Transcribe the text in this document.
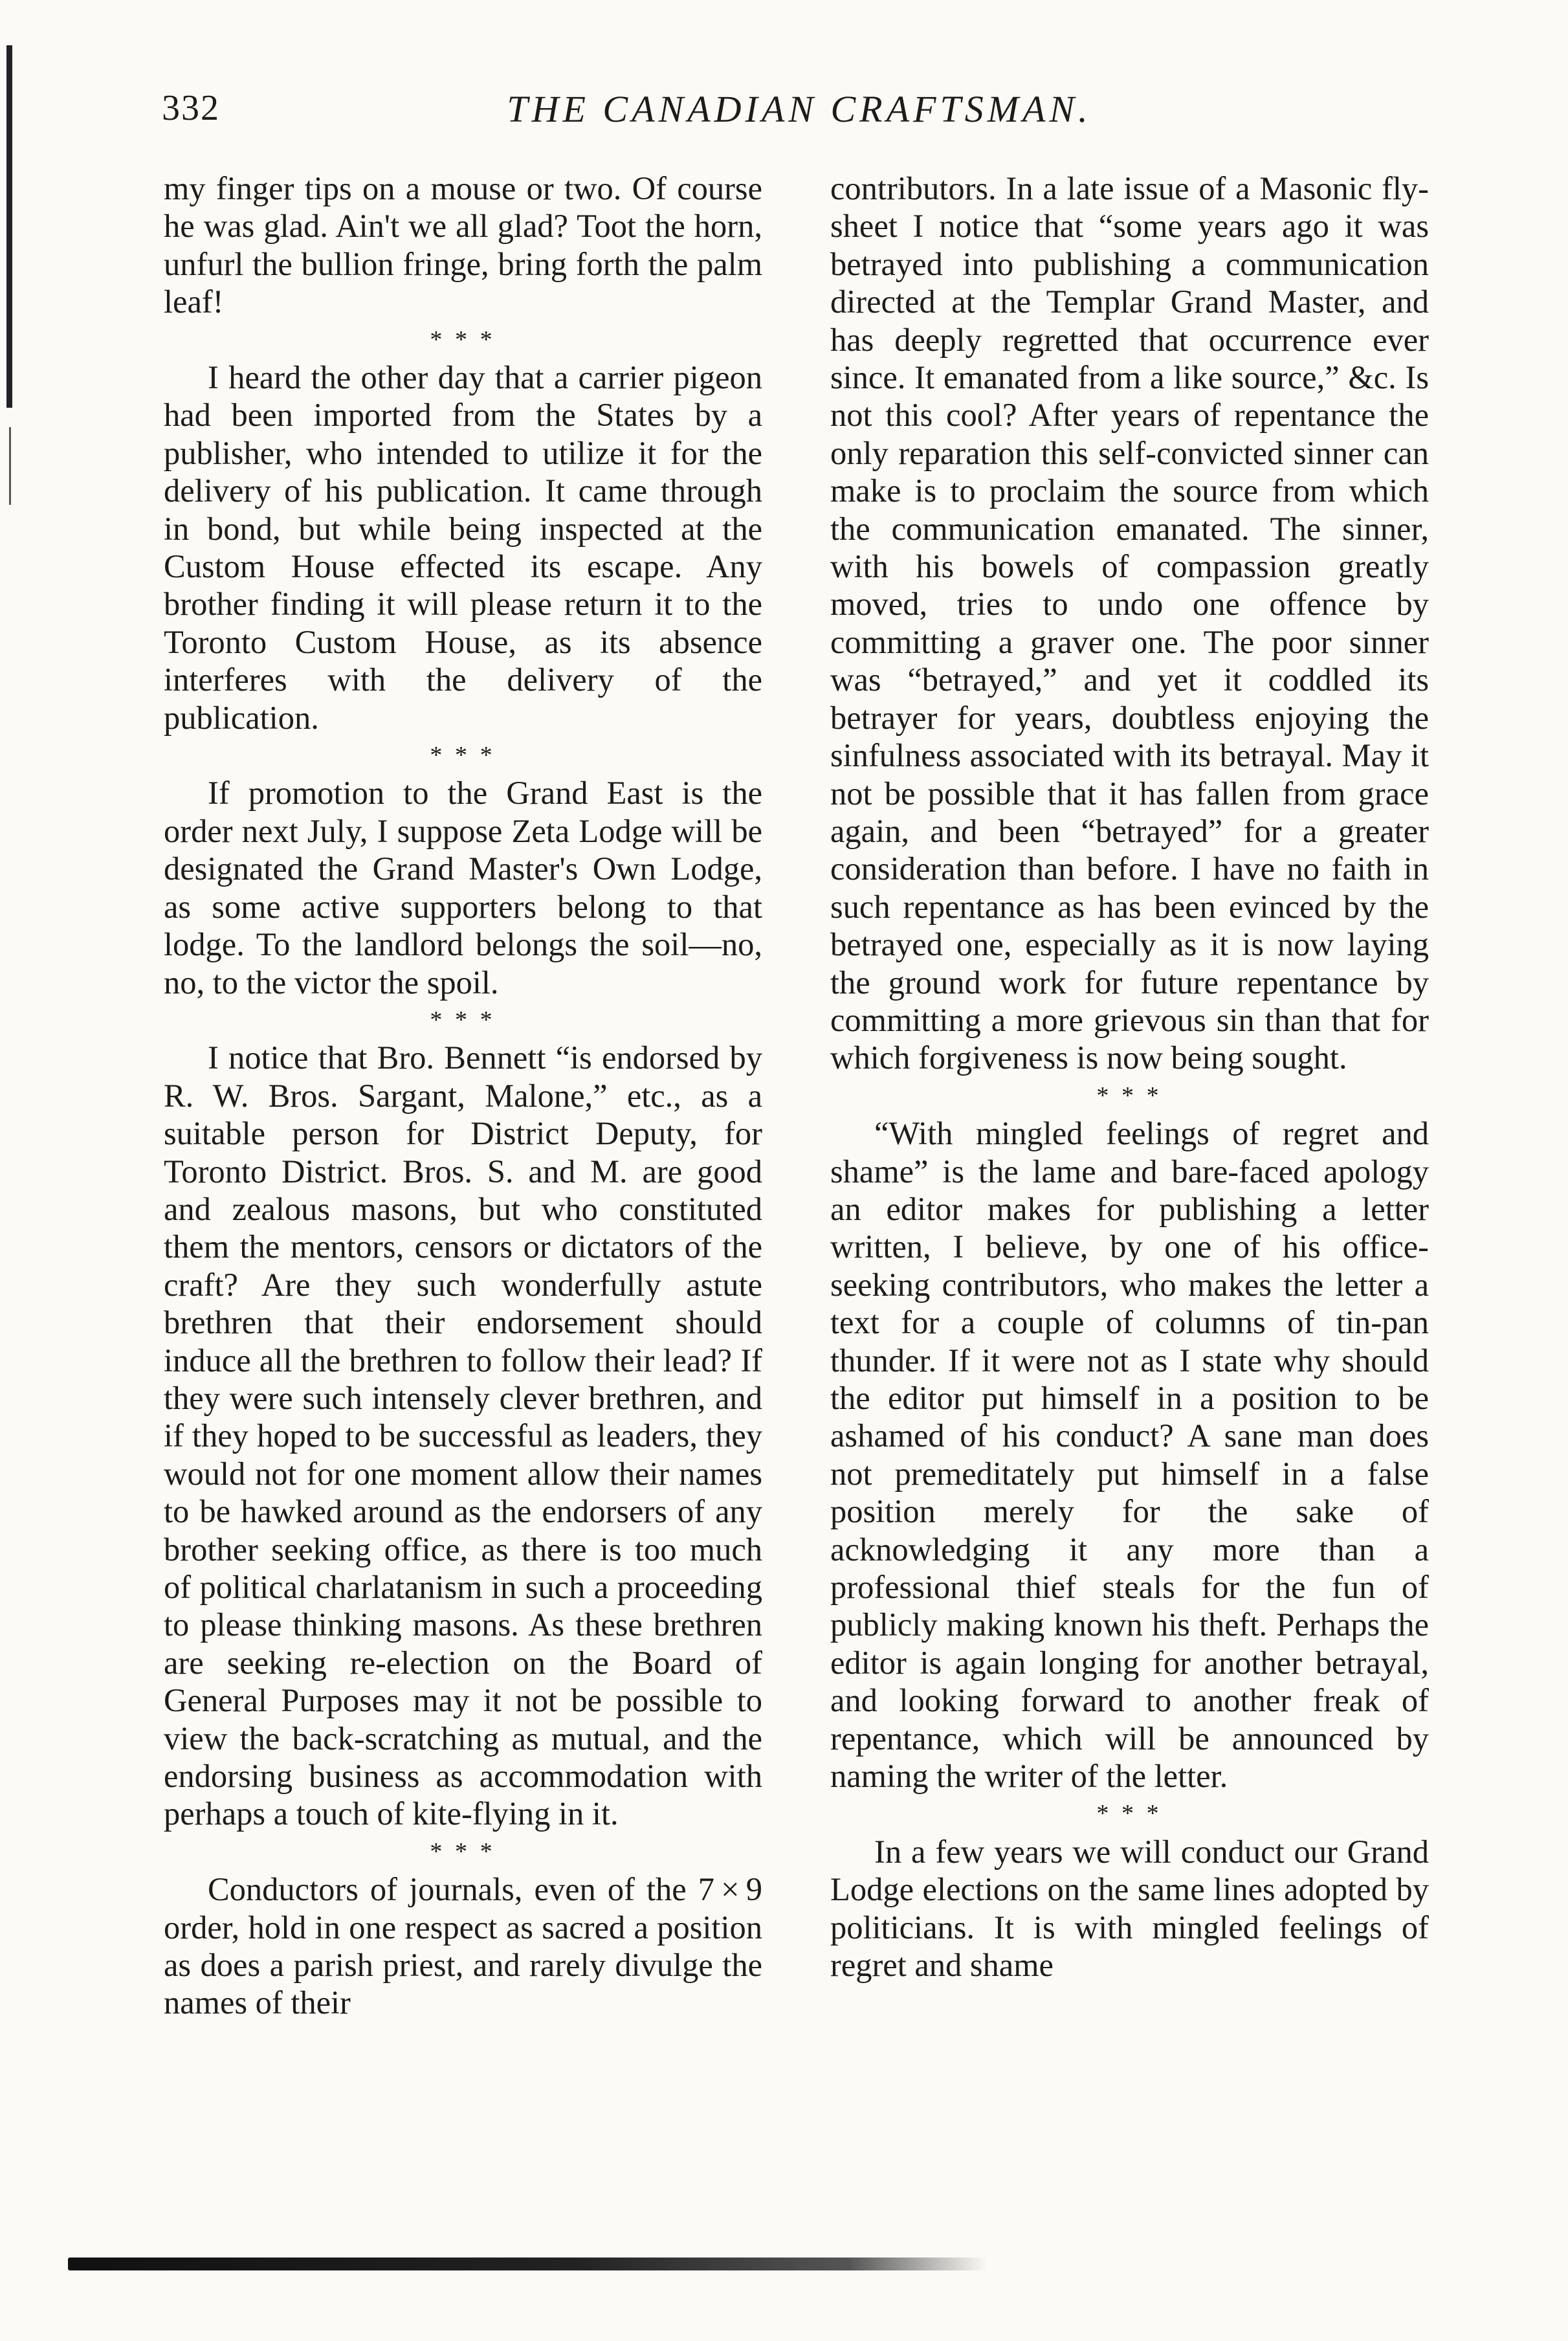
332	THE CANADIAN CRAFTSMAN.

my finger tips on a mouse or two. Of course he was glad. Ain't we all glad? Toot the horn, unfurl the bullion fringe, bring forth the palm leaf!

* * *

I heard the other day that a carrier pigeon had been imported from the States by a publisher, who intended to utilize it for the delivery of his publication. It came through in bond, but while being inspected at the Custom House effected its escape. Any brother finding it will please return it to the Toronto Custom House, as its absence interferes with the delivery of the publication.

* * *

If promotion to the Grand East is the order next July, I suppose Zeta Lodge will be designated the Grand Master's Own Lodge, as some active supporters belong to that lodge. To the landlord belongs the soil—no, no, to the victor the spoil.

* * *

I notice that Bro. Bennett “is endorsed by R. W. Bros. Sargant, Malone,” etc., as a suitable person for District Deputy, for Toronto District. Bros. S. and M. are good and zealous masons, but who constituted them the mentors, censors or dictators of the craft? Are they such wonderfully astute brethren that their endorsement should induce all the brethren to follow their lead? If they were such intensely clever brethren, and if they hoped to be successful as leaders, they would not for one moment allow their names to be hawked around as the endorsers of any brother seeking office, as there is too much of political charlatanism in such a proceeding to please thinking masons. As these brethren are seeking re-election on the Board of General Purposes may it not be possible to view the back-scratching as mutual, and the endorsing business as accommodation with perhaps a touch of kite-flying in it.

* * *

Conductors of journals, even of the 7 × 9 order, hold in one respect as sacred a position as does a parish priest, and rarely divulge the names of their

contributors. In a late issue of a Masonic fly-sheet I notice that “some years ago it was betrayed into publishing a communication directed at the Templar Grand Master, and has deeply regretted that occurrence ever since. It emanated from a like source,” &c. Is not this cool? After years of repentance the only reparation this self-convicted sinner can make is to proclaim the source from which the communication emanated. The sinner, with his bowels of compassion greatly moved, tries to undo one offence by committing a graver one. The poor sinner was “betrayed,” and yet it coddled its betrayer for years, doubtless enjoying the sinfulness associated with its betrayal. May it not be possible that it has fallen from grace again, and been “betrayed” for a greater consideration than before. I have no faith in such repentance as has been evinced by the betrayed one, especially as it is now laying the ground work for future repentance by committing a more grievous sin than that for which forgiveness is now being sought.

* * *

“With mingled feelings of regret and shame” is the lame and bare-faced apology an editor makes for publishing a letter written, I believe, by one of his office-seeking contributors, who makes the letter a text for a couple of columns of tin-pan thunder. If it were not as I state why should the editor put himself in a position to be ashamed of his conduct? A sane man does not premeditately put himself in a false position merely for the sake of acknowledging it any more than a professional thief steals for the fun of publicly making known his theft. Perhaps the editor is again longing for another betrayal, and looking forward to another freak of repentance, which will be announced by naming the writer of the letter.

* * *

In a few years we will conduct our Grand Lodge elections on the same lines adopted by politicians. It is with mingled feelings of regret and shame
